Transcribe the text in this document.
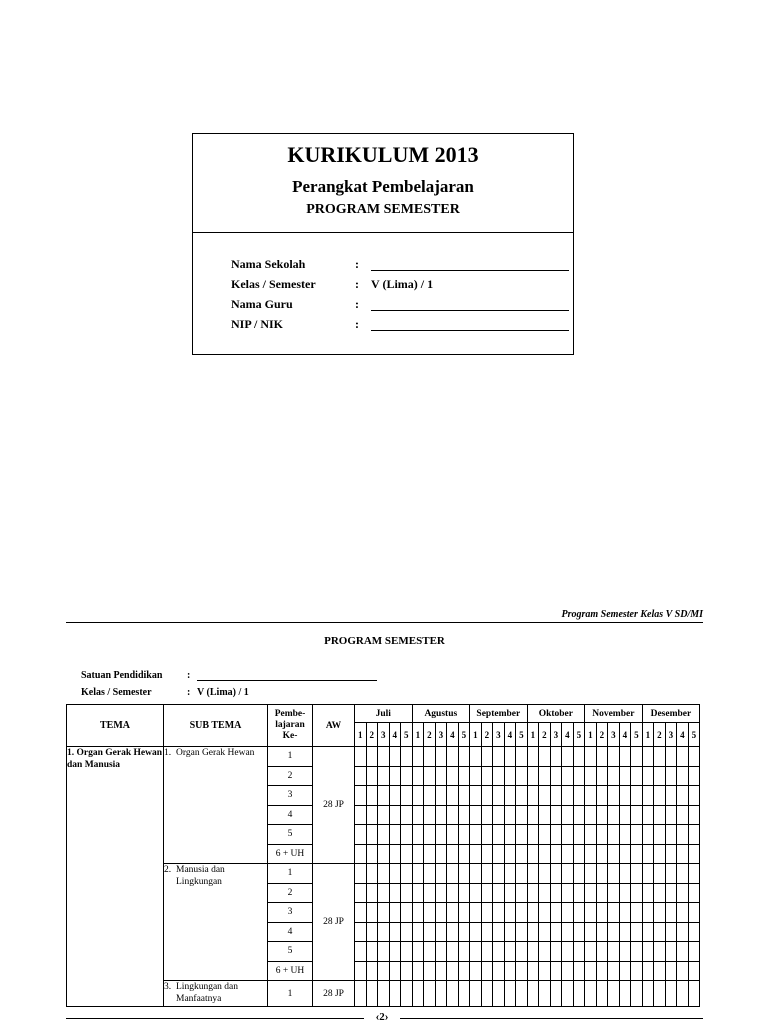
KURIKULUM 2013
Perangkat Pembelajaran
PROGRAM SEMESTER
Nama Sekolah	:
Kelas / Semester	: V (Lima) / 1
Nama Guru	:
NIP / NIK	:
Program Semester Kelas V SD/MI
PROGRAM SEMESTER
Satuan Pendidikan :
Kelas / Semester	: V (Lima) / 1
TEMA	SUB TEMA	Pembe-lajaran Ke-	AW	Juli					Agustus					September					Oktober					November					Desember				
				1	2	3	4	5	1	2	3	4	5	1	2	3	4	5	1	2	3	4	5	1	2	3	4	5	1	2	3	4	5
1. Organ Gerak Hewan dan Manusia	1. Organ Gerak Hewan	1	28 JP																														
		2																															
		3																															
		4																															
		5																															
		6 + UH																															

	2. Manusia dan Lingkungan	1	28 JP																														
		2																															
		3																															
		4																															
		5																															
		6 + UH																															

	3. Lingkungan dan Manfaatnya	1	28 JP																														
‹2›
